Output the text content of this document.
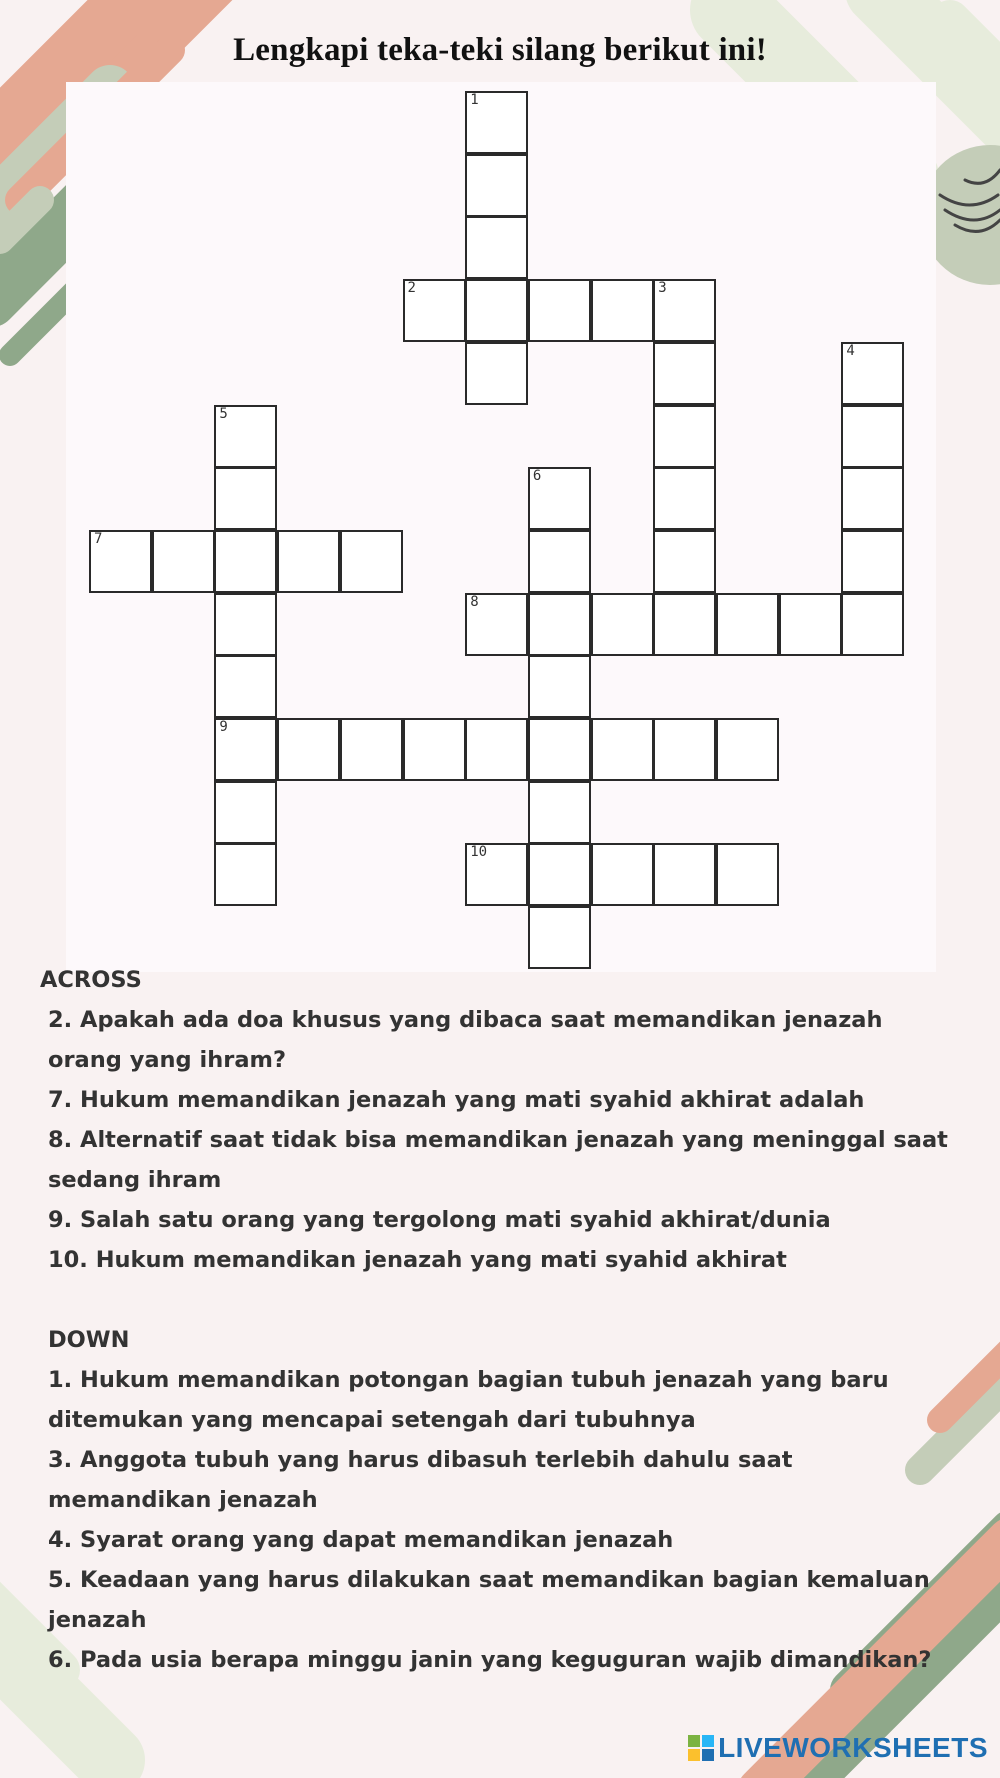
Lengkapi teka-teki silang berikut ini!
1
2	3
4
5
9
6
7
8
10
ACROSS
2. Apakah ada doa khusus yang dibaca saat memandikan jenazah orang yang ihram?
7. Hukum memandikan jenazah yang mati syahid akhirat adalah
8. Alternatif saat tidak bisa memandikan jenazah yang meninggal saat sedang ihram
9. Salah satu orang yang tergolong mati syahid akhirat/dunia
10. Hukum memandikan jenazah yang mati syahid akhirat
DOWN
1. Hukum memandikan potongan bagian tubuh jenazah yang baru ditemukan yang mencapai setengah dari tubuhnya
3. Anggota tubuh yang harus dibasuh terlebih dahulu saat memandikan jenazah
4. Syarat orang yang dapat memandikan jenazah
5. Keadaan yang harus dilakukan saat memandikan bagian kemaluan jenazah
6. Pada usia berapa minggu janin yang keguguran wajib dimandikan?
LIVEWORKSHEETS
